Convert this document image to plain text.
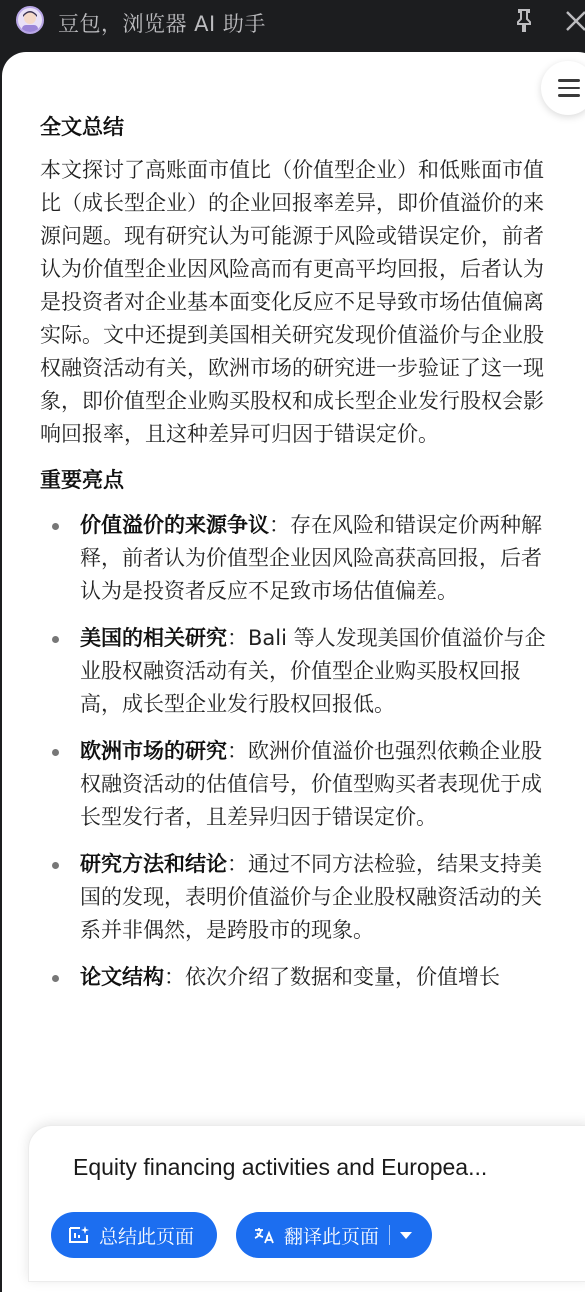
豆包，浏览器 AI 助手
全文总结
本文探讨了高账面市值比（价值型企业）和低账面市值比（成长型企业）的企业回报率差异，即价值溢价的来源问题。现有研究认为可能源于风险或错误定价，前者认为价值型企业因风险高而有更高平均回报，后者认为是投资者对企业基本面变化反应不足导致市场估值偏离实际。文中还提到美国相关研究发现价值溢价与企业股权融资活动有关，欧洲市场的研究进一步验证了这一现象，即价值型企业购买股权和成长型企业发行股权会影响回报率，且这种差异可归因于错误定价。
重要亮点
价值溢价的来源争议：存在风险和错误定价两种解释，前者认为价值型企业因风险高获高回报，后者认为是投资者反应不足致市场估值偏差。
美国的相关研究：Bali 等人发现美国价值溢价与企业股权融资活动有关，价值型企业购买股权回报高，成长型企业发行股权回报低。
欧洲市场的研究：欧洲价值溢价也强烈依赖企业股权融资活动的估值信号，价值型购买者表现优于成长型发行者，且差异归因于错误定价。
研究方法和结论：通过不同方法检验，结果支持美国的发现，表明价值溢价与企业股权融资活动的关系并非偶然，是跨股市的现象。
论文结构：依次介绍了数据和变量，价值增长
Equity financing activities and Europea...
总结此页面	翻译此页面
